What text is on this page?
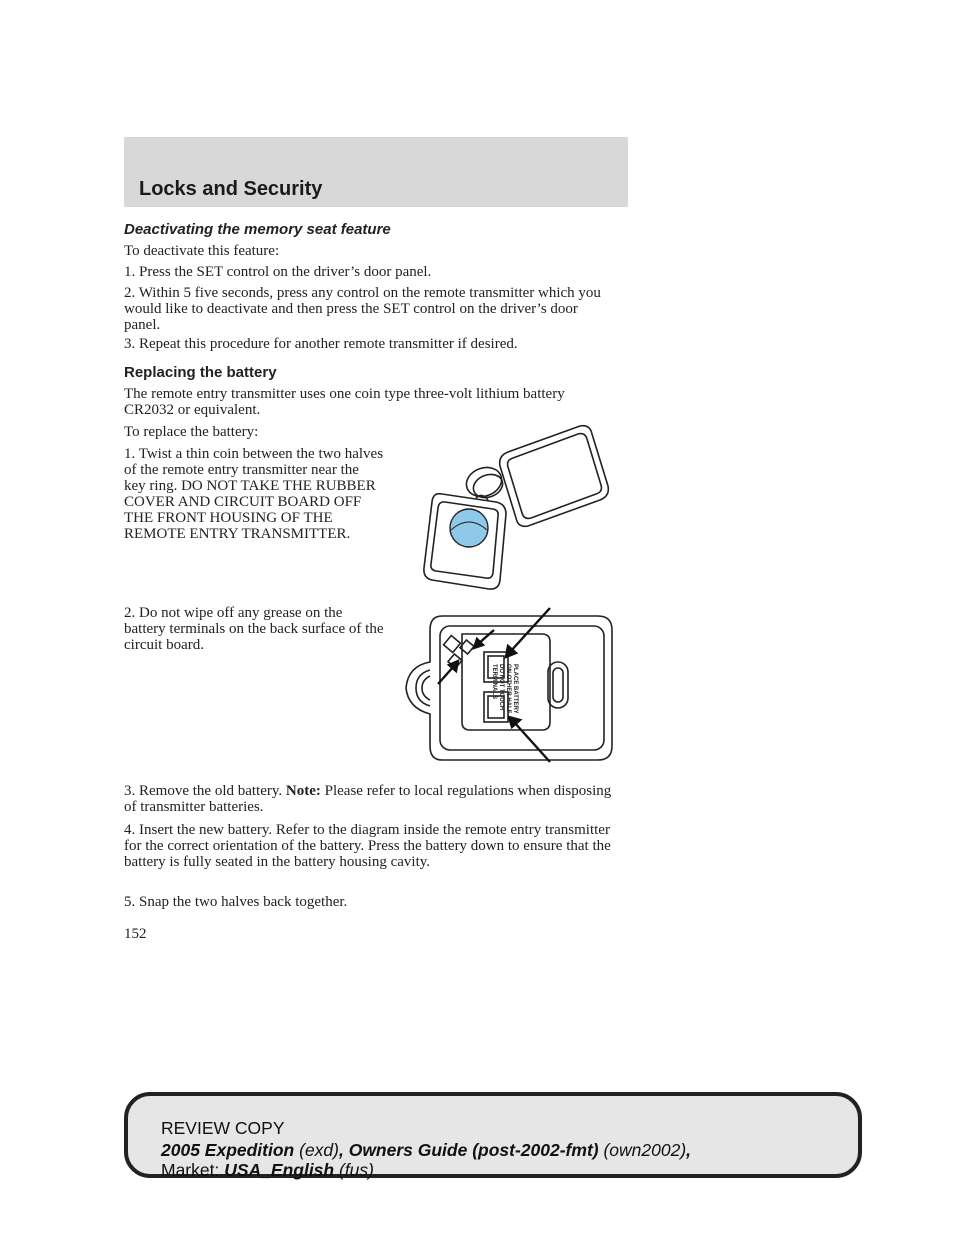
Locks and Security
Deactivating the memory seat feature

To deactivate this feature:

1. Press the SET control on the driver’s door panel.

2. Within 5 five seconds, press any control on the remote transmitter which you would like to deactivate and then press the SET control on the driver’s door panel.

3. Repeat this procedure for another remote transmitter if desired.

Replacing the battery

The remote entry transmitter uses one coin type three-volt lithium battery CR2032 or equivalent.

To replace the battery:

1. Twist a thin coin between the two halves of the remote entry transmitter near the key ring. DO NOT TAKE THE RUBBER COVER AND CIRCUIT BOARD OFF THE FRONT HOUSING OF THE REMOTE ENTRY TRANSMITTER.

2. Do not wipe off any grease on the battery terminals on the back surface of the circuit board.

PLACE BATTERY
ON OTHER HALF
DO NOT TOUCH
TERMINALS

3. Remove the old battery. Note: Please refer to local regulations when disposing of transmitter batteries.

4. Insert the new battery. Refer to the diagram inside the remote entry transmitter for the correct orientation of the battery. Press the battery down to ensure that the battery is fully seated in the battery housing cavity.

5. Snap the two halves back together.

152
REVIEW COPY
2005 Expedition (exd), Owners Guide (post-2002-fmt) (own2002),
Market: USA_English (fus)
